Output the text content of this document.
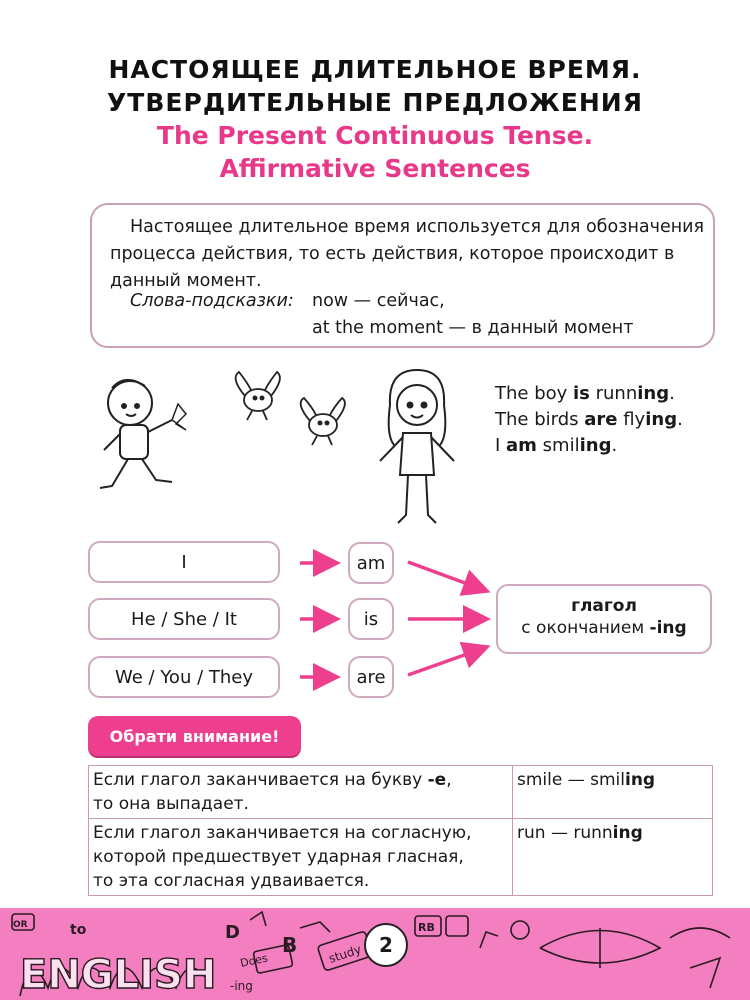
НАСТОЯЩЕЕ ДЛИТЕЛЬНОЕ ВРЕМЯ.
УТВЕРДИТЕЛЬНЫЕ ПРЕДЛОЖЕНИЯ
The Present Continuous Tense.
Affirmative Sentences
Настоящее длительное время используется для обозначения
процесса действия, то есть действия, которое происходит в
данный момент.
Слова-подсказки: now — сейчас,
at the moment — в данный момент
The boy is running.
The birds are flying.
I am smiling.
I
He / She / It
We / You / They
am
is
are
глагол
с окончанием -ing
Обрати внимание!
Если глагол заканчивается на букву -е,
то она выпадает.	smile — smiling
Если глагол заканчивается на согласную,
которой предшествует ударная гласная,
то эта согласная удваивается.	run — running
OR	to
ENGLISH
D
B
Does	study
-ing
RB
2
